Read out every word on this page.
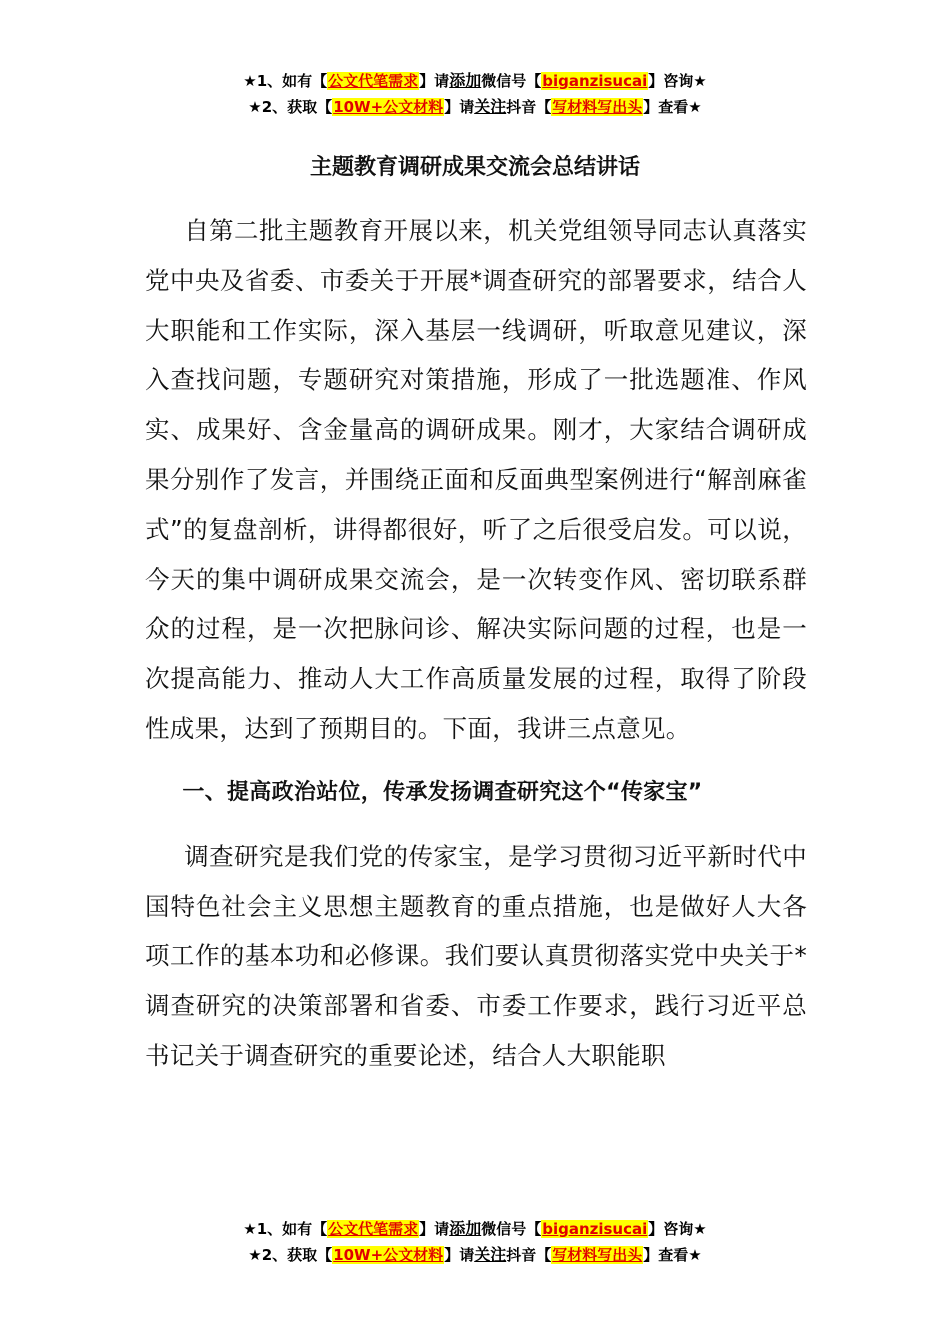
★1、如有【公文代笔需求】请添加微信号【biganzisucai】咨询★
★2、获取【10W+公文材料】请关注抖音【写材料写出头】查看★
主题教育调研成果交流会总结讲话

自第二批主题教育开展以来，机关党组领导同志认真落实党中央及省委、市委关于开展*调查研究的部署要求，结合人大职能和工作实际，深入基层一线调研，听取意见建议，深入查找问题，专题研究对策措施，形成了一批选题准、作风实、成果好、含金量高的调研成果。刚才，大家结合调研成果分别作了发言，并围绕正面和反面典型案例进行“解剖麻雀式”的复盘剖析，讲得都很好，听了之后很受启发。可以说，今天的集中调研成果交流会，是一次转变作风、密切联系群众的过程，是一次把脉问诊、解决实际问题的过程，也是一次提高能力、推动人大工作高质量发展的过程，取得了阶段性成果，达到了预期目的。下面，我讲三点意见。

一、提高政治站位，传承发扬调查研究这个“传家宝”

调查研究是我们党的传家宝，是学习贯彻习近平新时代中国特色社会主义思想主题教育的重点措施，也是做好人大各项工作的基本功和必修课。我们要认真贯彻落实党中央关于*调查研究的决策部署和省委、市委工作要求，践行习近平总书记关于调查研究的重要论述，结合人大职能职

★1、如有【公文代笔需求】请添加微信号【biganzisucai】咨询★
★2、获取【10W+公文材料】请关注抖音【写材料写出头】查看★
